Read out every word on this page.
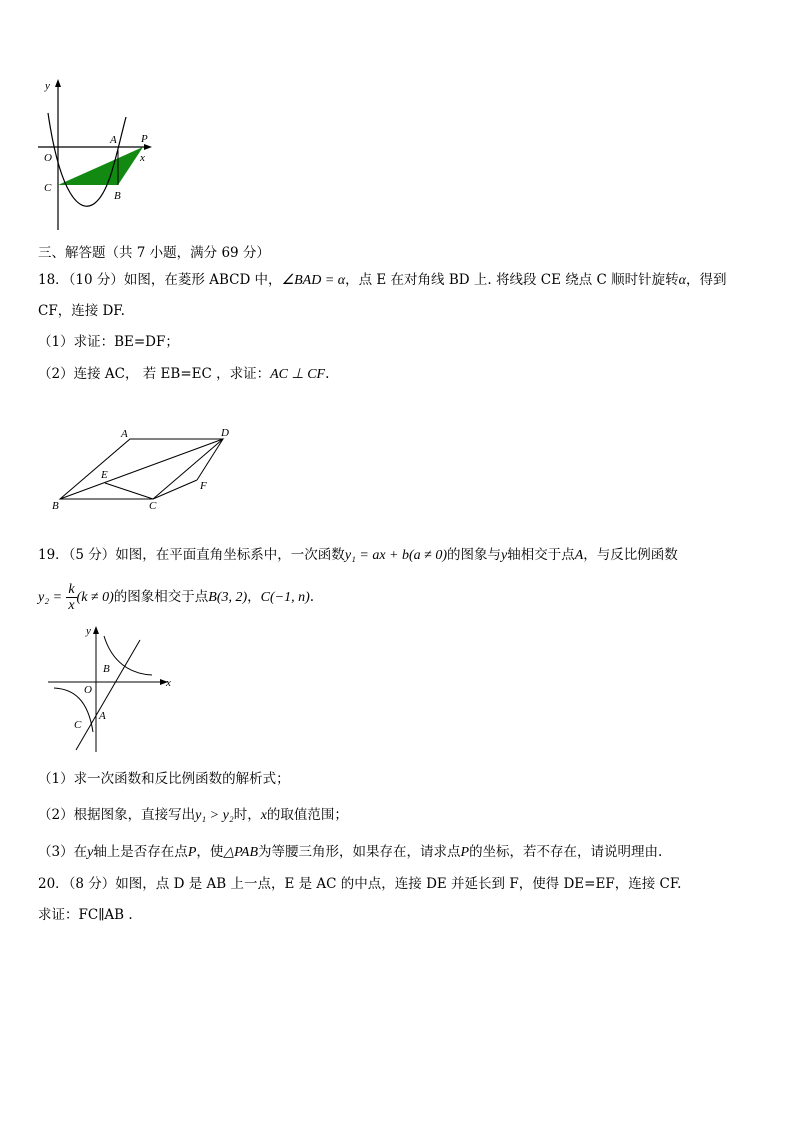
y
O
A P
x
C
B
三、解答题（共 7 小题，满分 69 分）
18．（10 分）如图，在菱形 ABCD 中，∠BAD = α，点 E 在对角线 BD 上. 将线段 CE 绕点 C 顺时针旋转α，得到
CF，连接 DF.
（1）求证：BE=DF；
（2）连接 AC， 若 EB=EC ，求证：AC ⊥ CF.
A	D
E
F
B	C
19．（5 分）如图，在平面直角坐标系中，一次函数y₁ = ax + b(a ≠ 0)的图象与y轴相交于点A，与反比例函数
$y_2 = \frac{k}{x} (k \ne 0)$的图象相交于点B(3, 2)，C(−1, n).
y
B
x
O
C
A
（1）求一次函数和反比例函数的解析式；
（2）根据图象，直接写出y₁ > y₂时，x的取值范围；
（3）在y轴上是否存在点P，使△PAB为等腰三角形，如果存在，请求点P的坐标，若不存在，请说明理由.
20．（8 分）如图，点 D 是 AB 上一点，E 是 AC 的中点，连接 DE 并延长到 F，使得 DE=EF，连接 CF.
求证：FC∥AB .
